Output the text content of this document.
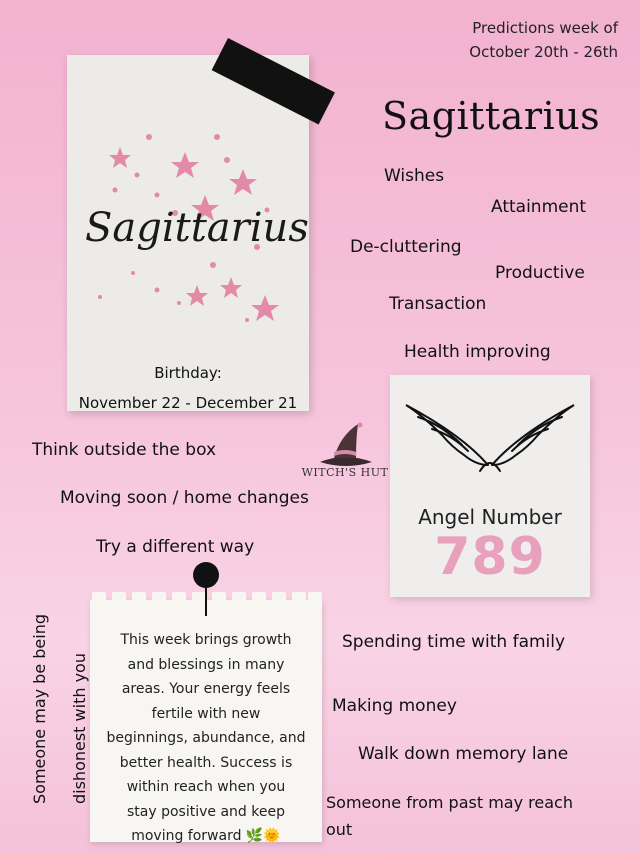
Predictions week of
October 20th - 26th
Sagittarius
Wishes
Attainment
De-cluttering
Productive
Transaction
Health improving
Sagittarius
Birthday:
November 22 - December 21
Think outside the box
Moving soon / home changes
Try a different way
WITCH'S HUT
Angel Number
789
Someone may be being	dishonest with you
This week brings growth
and blessings in many
areas. Your energy feels
fertile with new
beginnings, abundance, and
better health. Success is
within reach when you
stay positive and keep
moving forward 🌿🌞
Spending time with family
Making money
Walk down memory lane
Someone from past may reach
out
